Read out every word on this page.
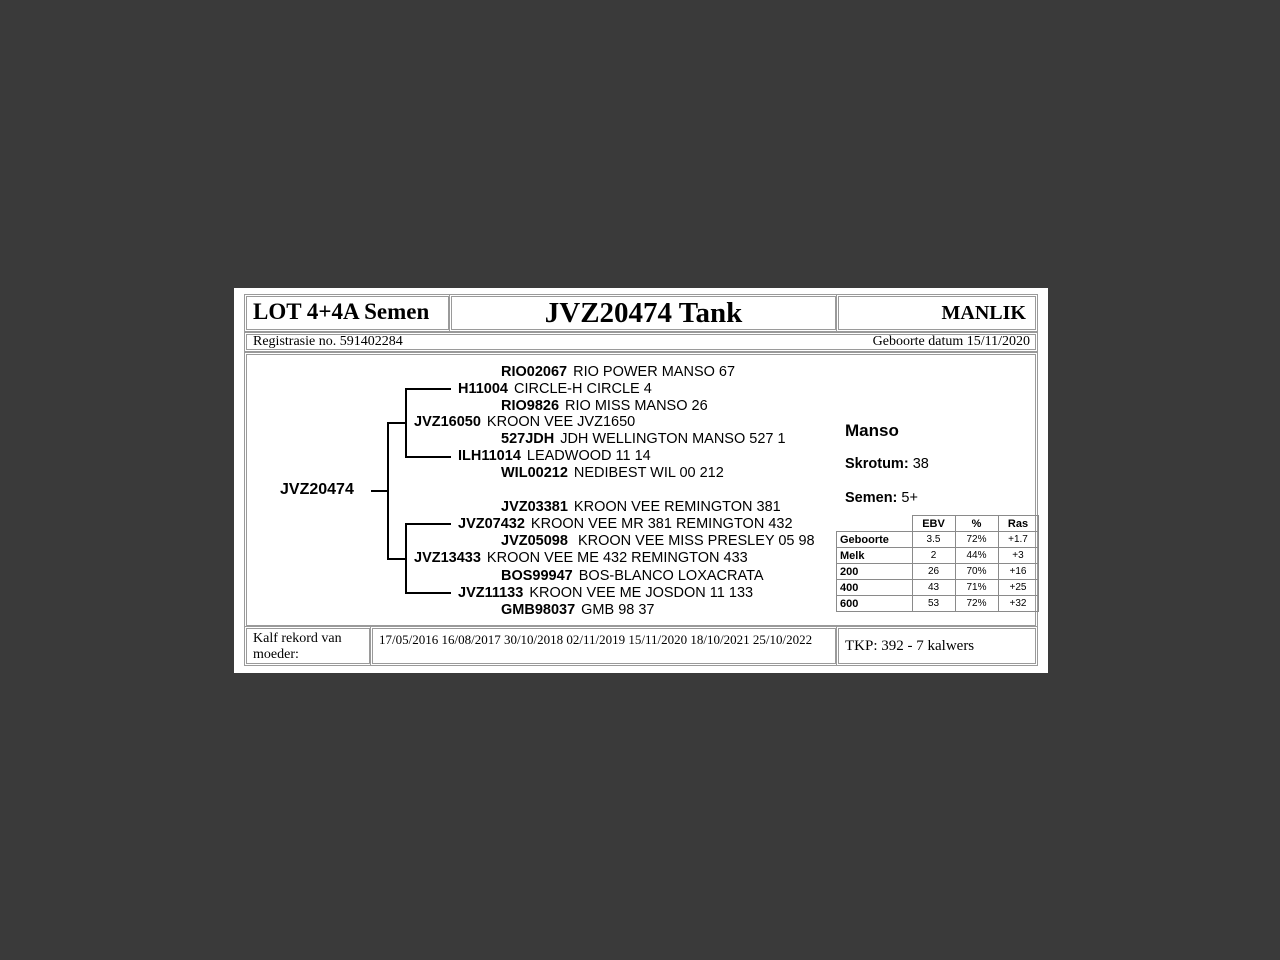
LOT 4+4A Semen	JVZ20474 Tank	MANLIK
Registrasie no. 591402284	Geboorte datum 15/11/2020
JVZ20474
RIO02067 RIO POWER MANSO 67
H11004 CIRCLE-H CIRCLE 4
RIO9826 RIO MISS MANSO 26
JVZ16050 KROON VEE JVZ1650
527JDH JDH WELLINGTON MANSO 527 1
ILH11014 LEADWOOD 11 14
WIL00212 NEDIBEST WIL 00 212
JVZ03381 KROON VEE REMINGTON 381
JVZ07432 KROON VEE MR 381 REMINGTON 432
JVZ05098 KROON VEE MISS PRESLEY 05 98
JVZ13433 KROON VEE ME 432 REMINGTON 433
BOS99947 BOS-BLANCO LOXACRATA
JVZ11133 KROON VEE ME JOSDON 11 133
GMB98037 GMB 98 37
Manso
Skrotum: 38
Semen: 5+
Kalf rekord van moeder:
17/05/2016 16/08/2017 30/10/2018 02/11/2019 15/11/2020 18/10/2021 25/10/2022	TKP: 392 - 7 kalwers
	EBV	%	Ras
Geboorte	3.5	72%	+1.7
Melk	2	44%	+3
200	26	70%	+16
400	43	71%	+25
600	53	72%	+32
